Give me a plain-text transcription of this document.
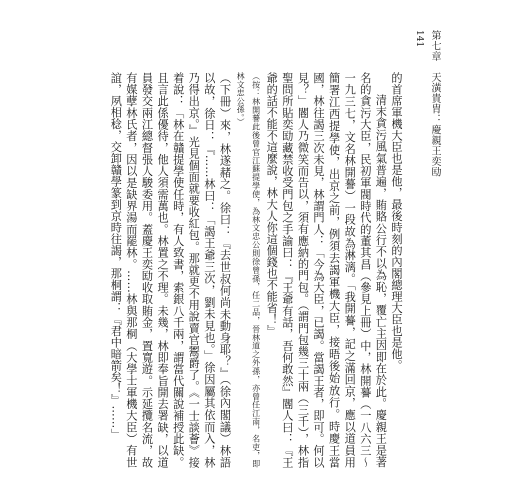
141 第七章　天潢貴胄：慶親王奕劻

的首席軍機大臣也是他，最後時刻的內閣總理大臣也是他。

清末貪污風氣普遍，賄賂公行不以為恥，覆亡主因即在於此。慶親王是著名的貪污大臣，民初軍閥時代的董其昌（參見上冊）中，林開謩（一八六三～一九三七，文名林開謩）一段故為淋漓。「我開謩，記之滿回京，應以道員用簡署江西提學使，出京之前，例須去謁軍機大臣，接晤後始放行。時慶王當國，林往謁三次未見，林謂門人：「今為大臣，已謁。當謁王者，即可。何以見？」閽人乃微笑而告以，須有應納的門包。（謂門包幾三十兩（三千），林指聖問所貼奕劻藏禁收受門包之手諭曰：『王爺有話，吾何敢然』閽人曰：『王爺的話不能不這麼說，林大人你這個錢也不能省！』

（按：林開謩此後曾官江蘇提學使，為林文忠公則徐曾孫，任二品，晉林道之外孫，亦曾任江南，名吏，即林文忠公孫。）

（下冊）來，林遂赭之。徐曰：『去世叔何尚未動身耶？』（徐內閣議）林語以故，徐日：『……林曰：「謁王爺三次，劉未見也。」徐因屬其依而入，林乃得出京。』光見個面就要收紅包。那就更不用說賣官鬻爵了。《一士談薈》接着說：「林在贛提學使任時，有人致書，索銀八千兩，謂當代關說補授此缺。且言此係優待，他人須需萬也。林置之不理。未幾，林即奉旨開去署缺，以道員發交兩江總督張人駿委用。蓋慶王奕劻收取賄金，置寬遊。示延攬名流，故有媒孽林氏者，因以是缺界湯而罷林。……林與那桐（大學士軍機大臣）有世誼，夙相稔，交卸贛學篆到京時往謁，那桐謂：『君中暗箭矣！』……」
